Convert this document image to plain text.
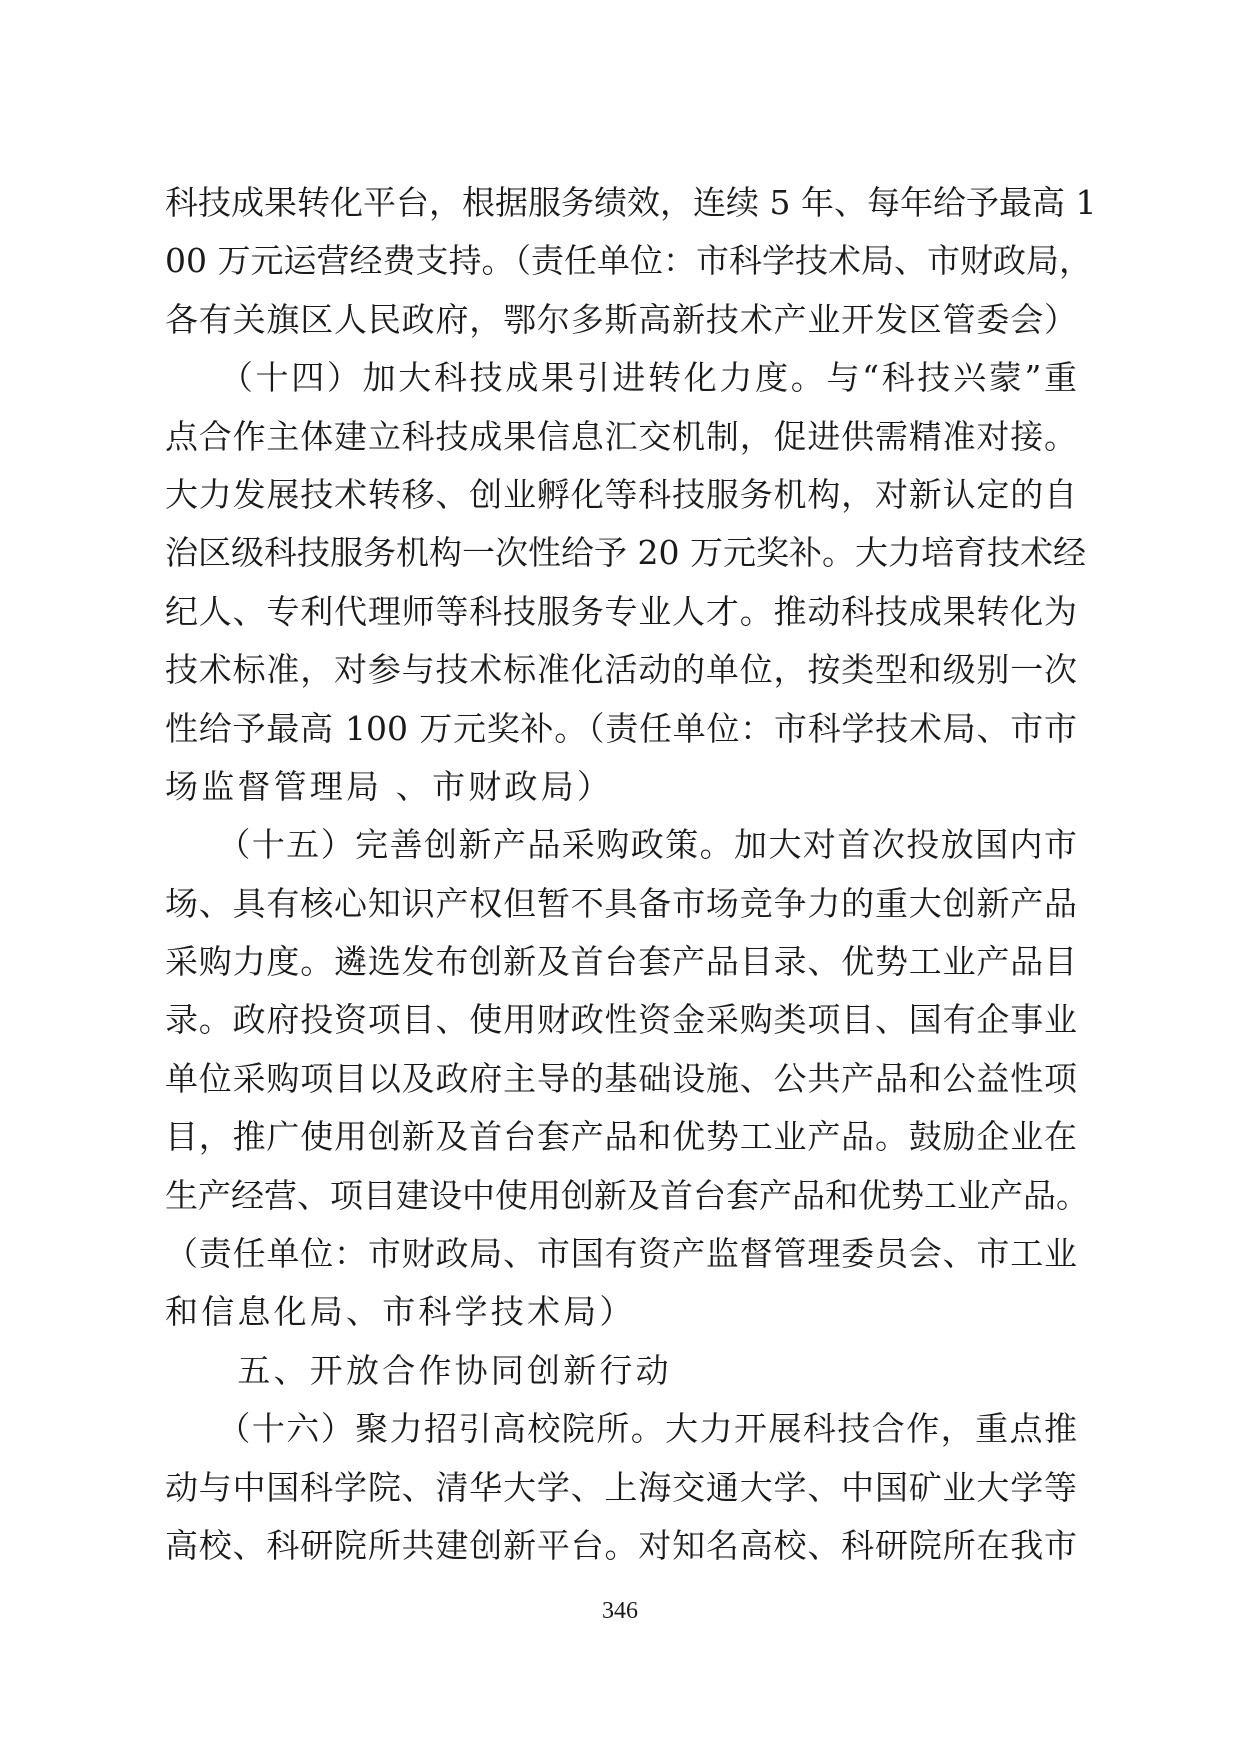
科技成果转化平台，根据服务绩效，连续 5 年、每年给予最高 1
00 万元运营经费支持。（责任单位：市科学技术局、市财政局，
各有关旗区人民政府，鄂尔多斯高新技术产业开发区管委会）
　　（十四）加大科技成果引进转化力度。与“科技兴蒙”重
点合作主体建立科技成果信息汇交机制，促进供需精准对接。
大力发展技术转移、创业孵化等科技服务机构，对新认定的自
治区级科技服务机构一次性给予 20 万元奖补。大力培育技术经
纪人、专利代理师等科技服务专业人才。推动科技成果转化为
技术标准，对参与技术标准化活动的单位，按类型和级别一次
性给予最高 100 万元奖补。（责任单位：市科学技术局、市市
场监督管理局 、市财政局）
　　（十五）完善创新产品采购政策。加大对首次投放国内市
场、具有核心知识产权但暂不具备市场竞争力的重大创新产品
采购力度。遴选发布创新及首台套产品目录、优势工业产品目
录。政府投资项目、使用财政性资金采购类项目、国有企事业
单位采购项目以及政府主导的基础设施、公共产品和公益性项
目，推广使用创新及首台套产品和优势工业产品。鼓励企业在
生产经营、项目建设中使用创新及首台套产品和优势工业产品。
（责任单位：市财政局、市国有资产监督管理委员会、市工业
和信息化局、市科学技术局）
　　五、开放合作协同创新行动
　　（十六）聚力招引高校院所。大力开展科技合作，重点推
动与中国科学院、清华大学、上海交通大学、中国矿业大学等
高校、科研院所共建创新平台。对知名高校、科研院所在我市
346
